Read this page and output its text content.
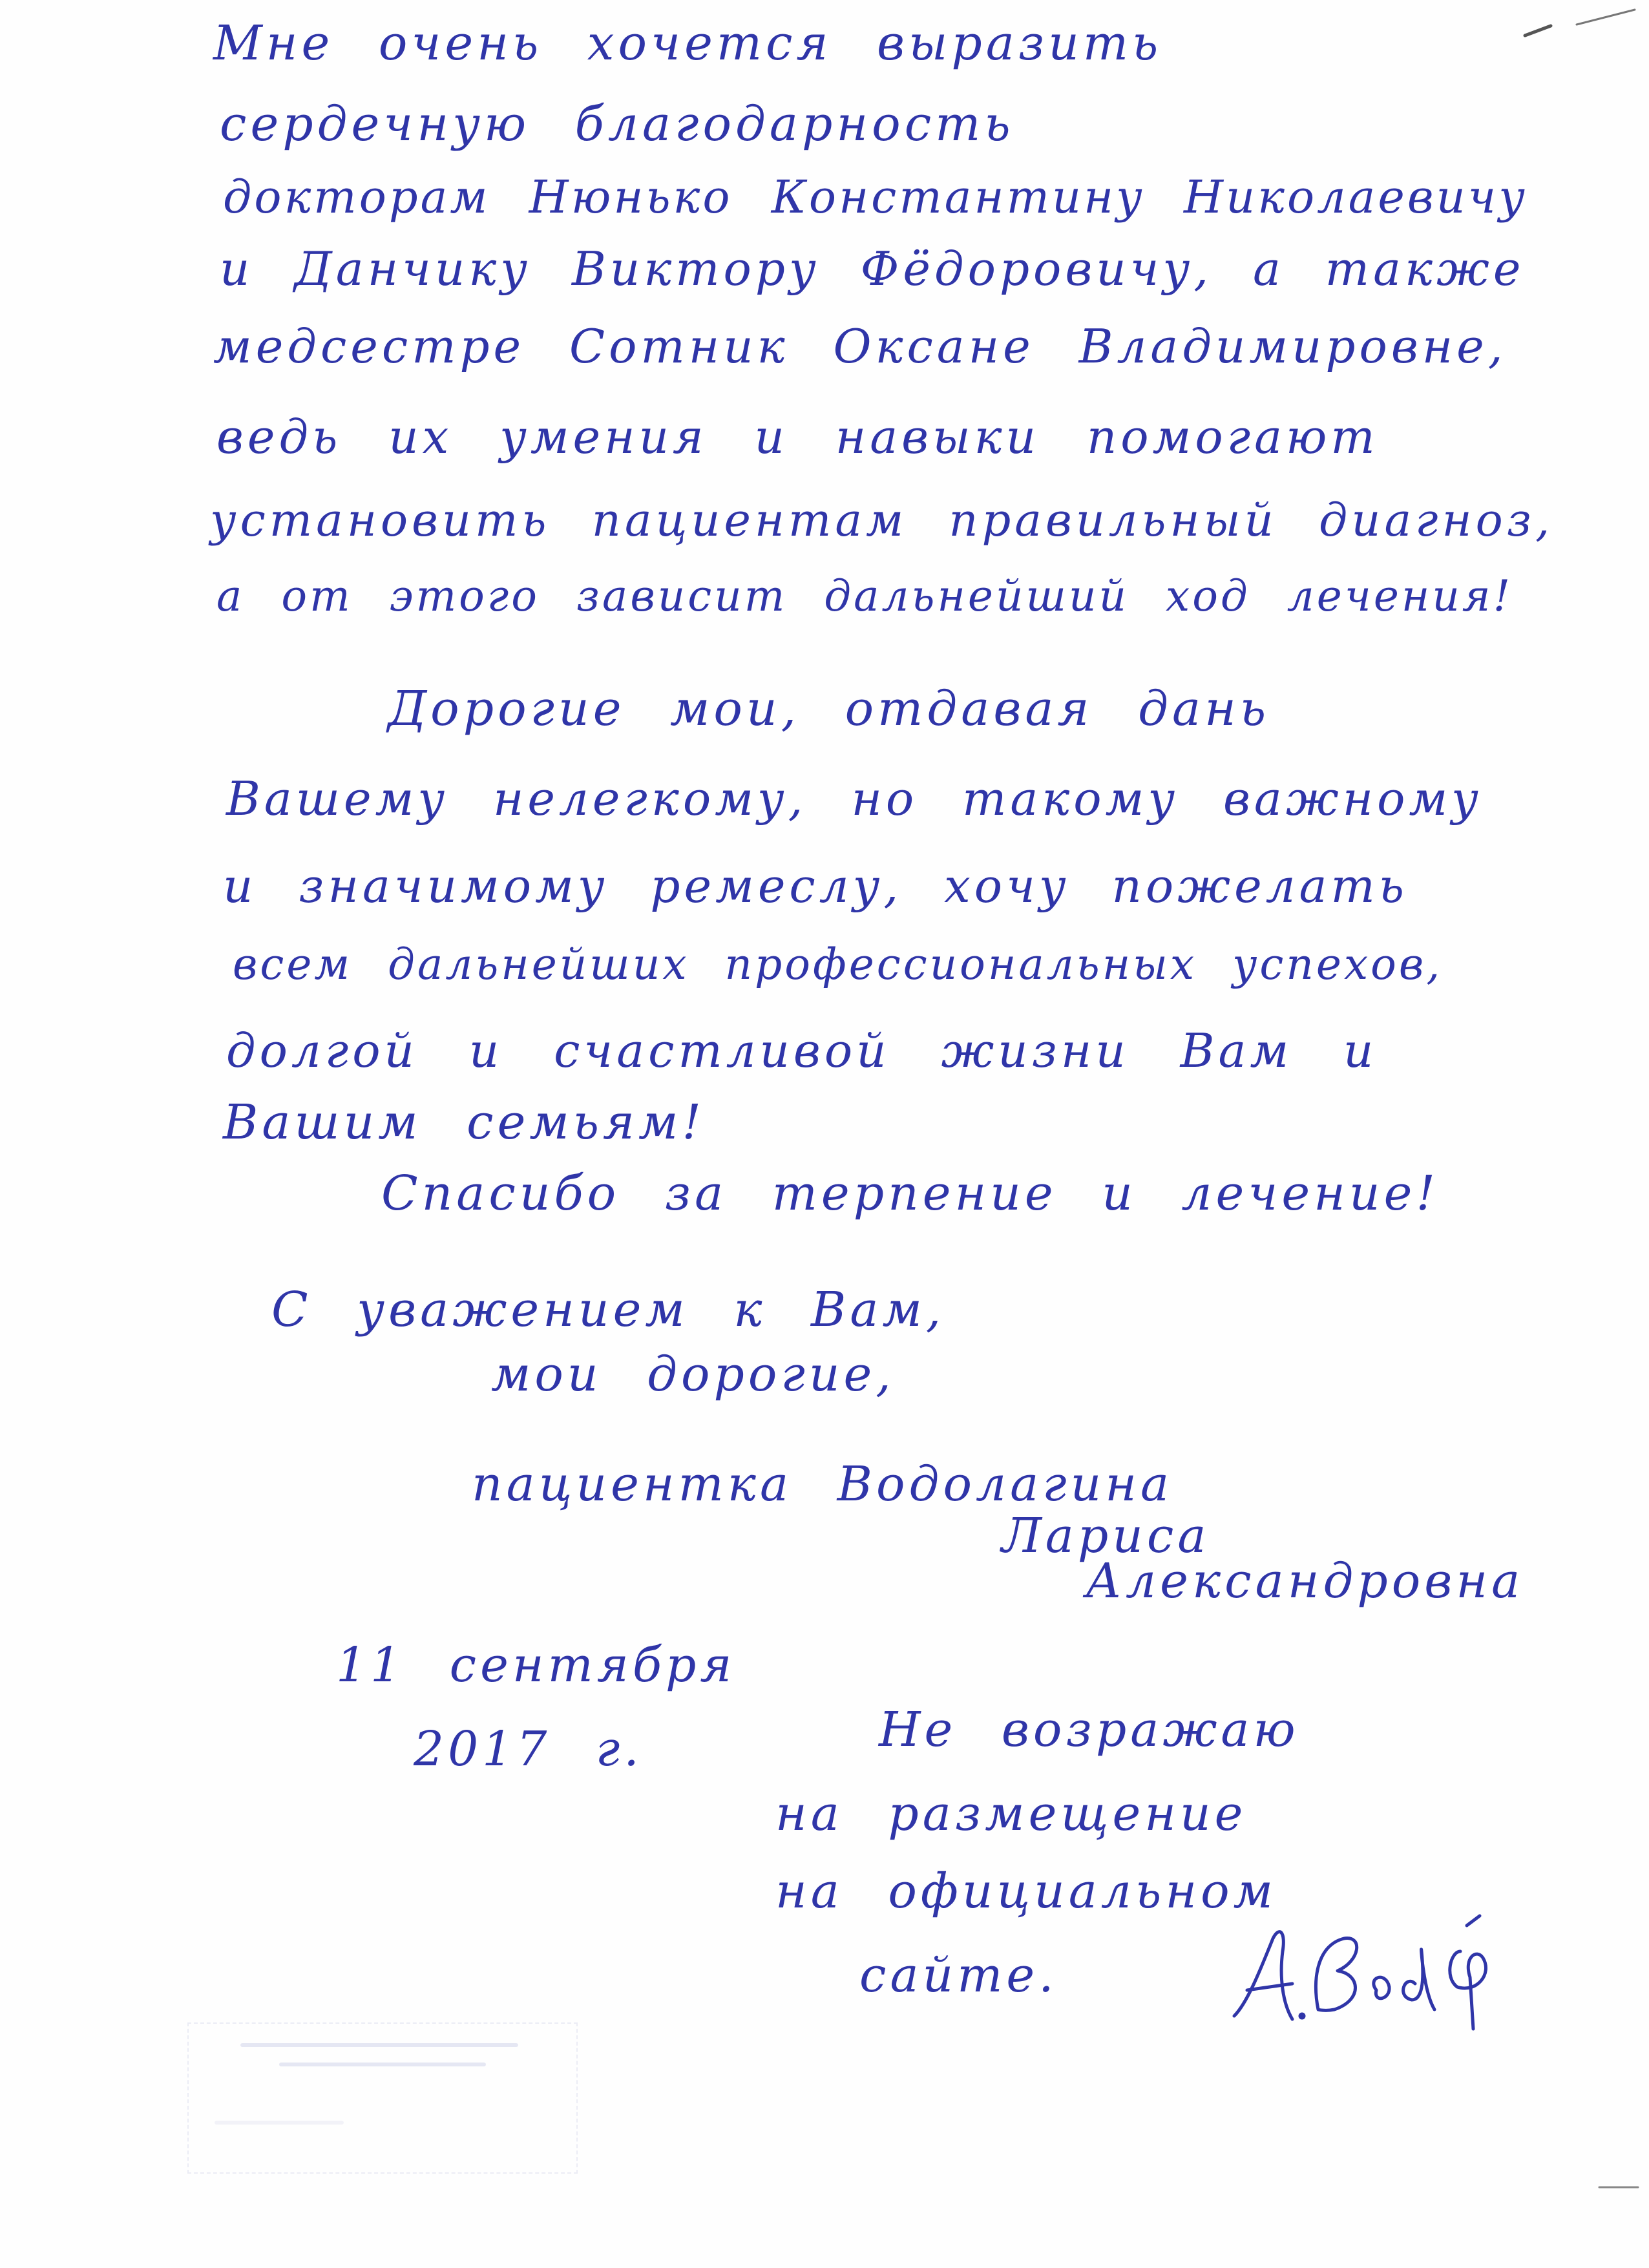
Мне очень хочется выразить
сердечную благодарность
докторам Нюнько Константину Николаевичу
и Данчику Виктору Фёдоровичу, а также
медсестре Сотник Оксане Владимировне,
ведь их умения и навыки помогают
установить пациентам правильный диагноз,
а от этого зависит дальнейший ход лечения!
Дорогие мои, отдавая дань
Вашему нелегкому, но такому важному
и значимому ремеслу, хочу пожелать
всем дальнейших профессиональных успехов,
долгой и счастливой жизни Вам и
Вашим семьям!
Спасибо за терпение и лечение!
С уважением к Вам,
мои дорогие,
пациентка Водолагина
Лариса
Александровна
11 сентября
2017 г.	Не возражаю
на размещение
на официальном
сайте.
